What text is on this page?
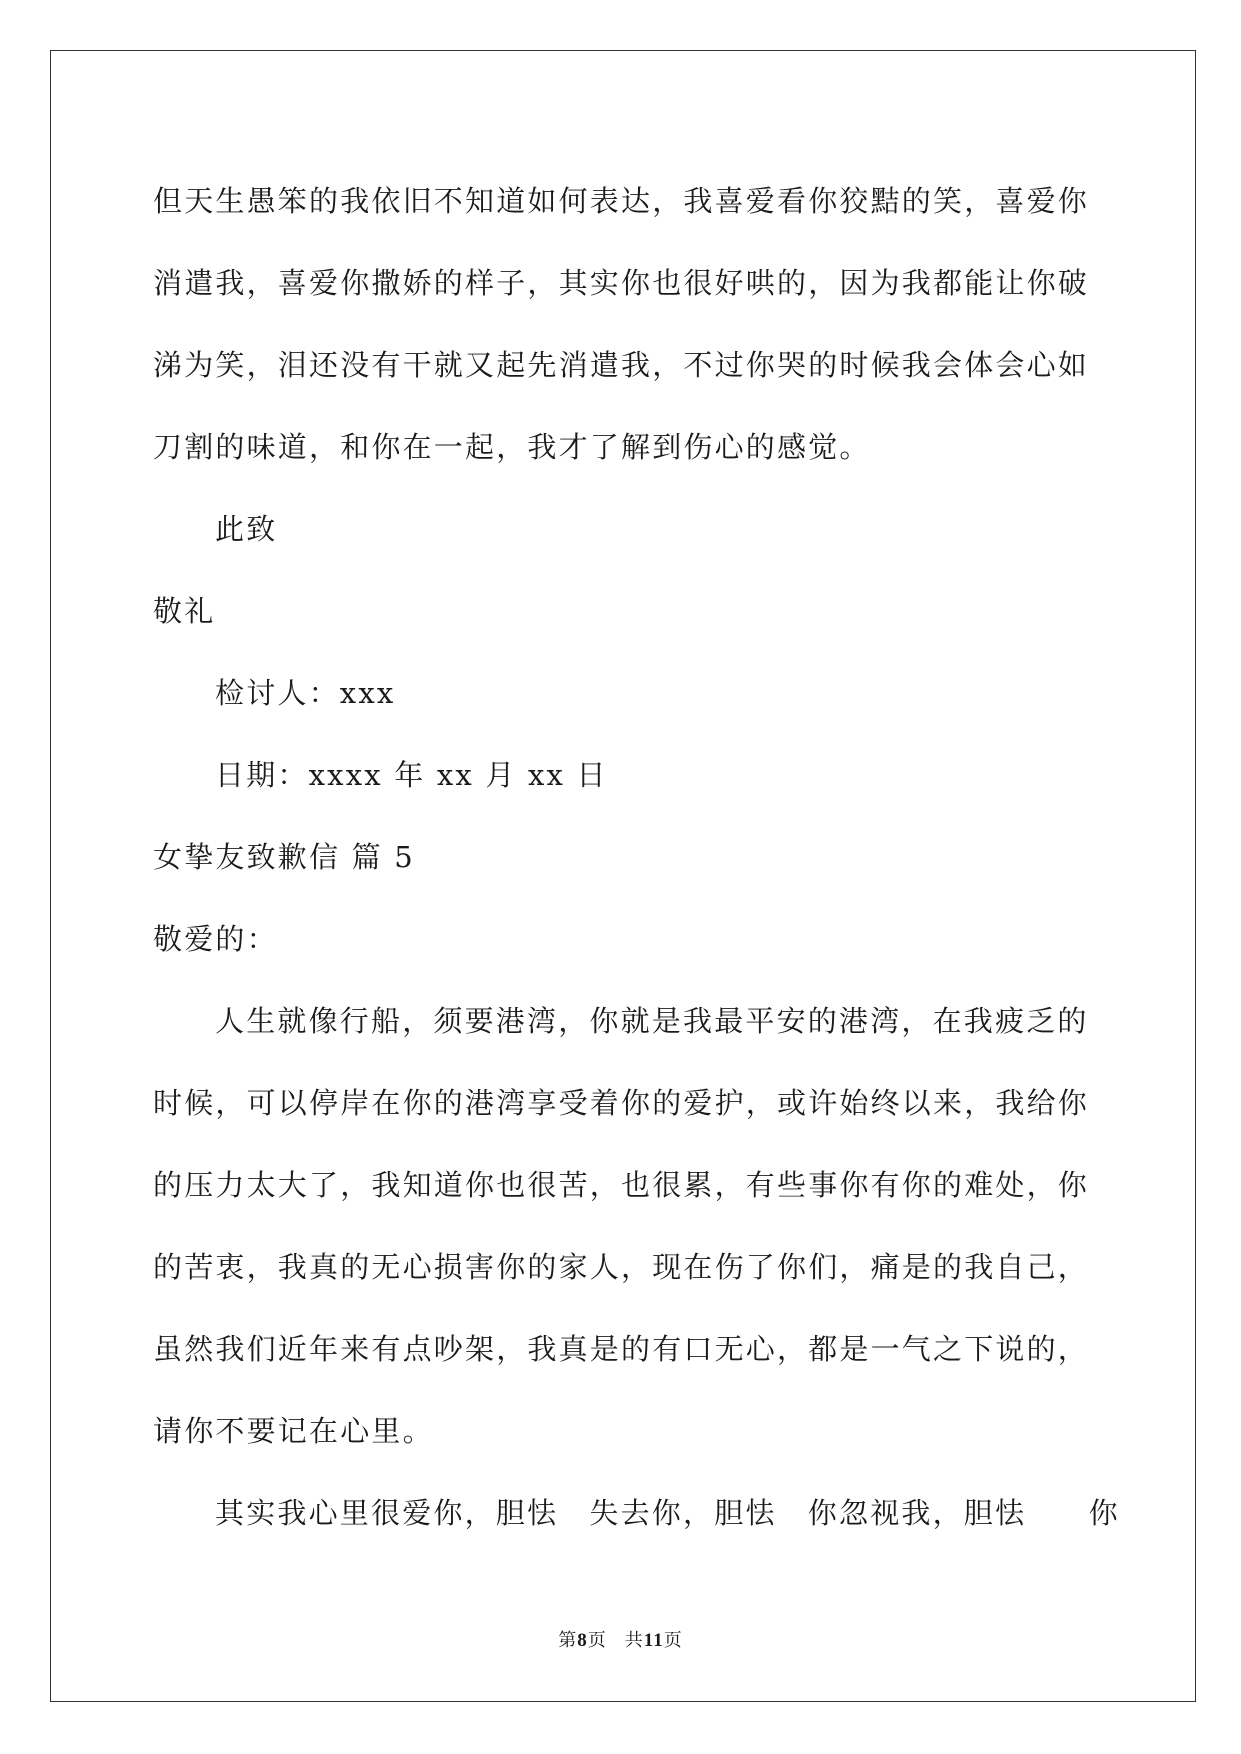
但天生愚笨的我依旧不知道如何表达，我喜爱看你狡黠的笑，喜爱你
消遣我，喜爱你撒娇的样子，其实你也很好哄的，因为我都能让你破
涕为笑，泪还没有干就又起先消遣我，不过你哭的时候我会体会心如
刀割的味道，和你在一起，我才了解到伤心的感觉。
此致
敬礼
检讨人：xxx
日期：xxxx 年 xx 月 xx 日
女挚友致歉信 篇 5
敬爱的：
人生就像行船，须要港湾，你就是我最平安的港湾，在我疲乏的
时候，可以停岸在你的港湾享受着你的爱护，或许始终以来，我给你
的压力太大了，我知道你也很苦，也很累，有些事你有你的难处，你
的苦衷，我真的无心损害你的家人，现在伤了你们，痛是的我自己，
虽然我们近年来有点吵架，我真是的有口无心，都是一气之下说的，
请你不要记在心里。
其实我心里很爱你，胆怯　失去你，胆怯　你忽视我，胆怯　　你
第8页 共11页
